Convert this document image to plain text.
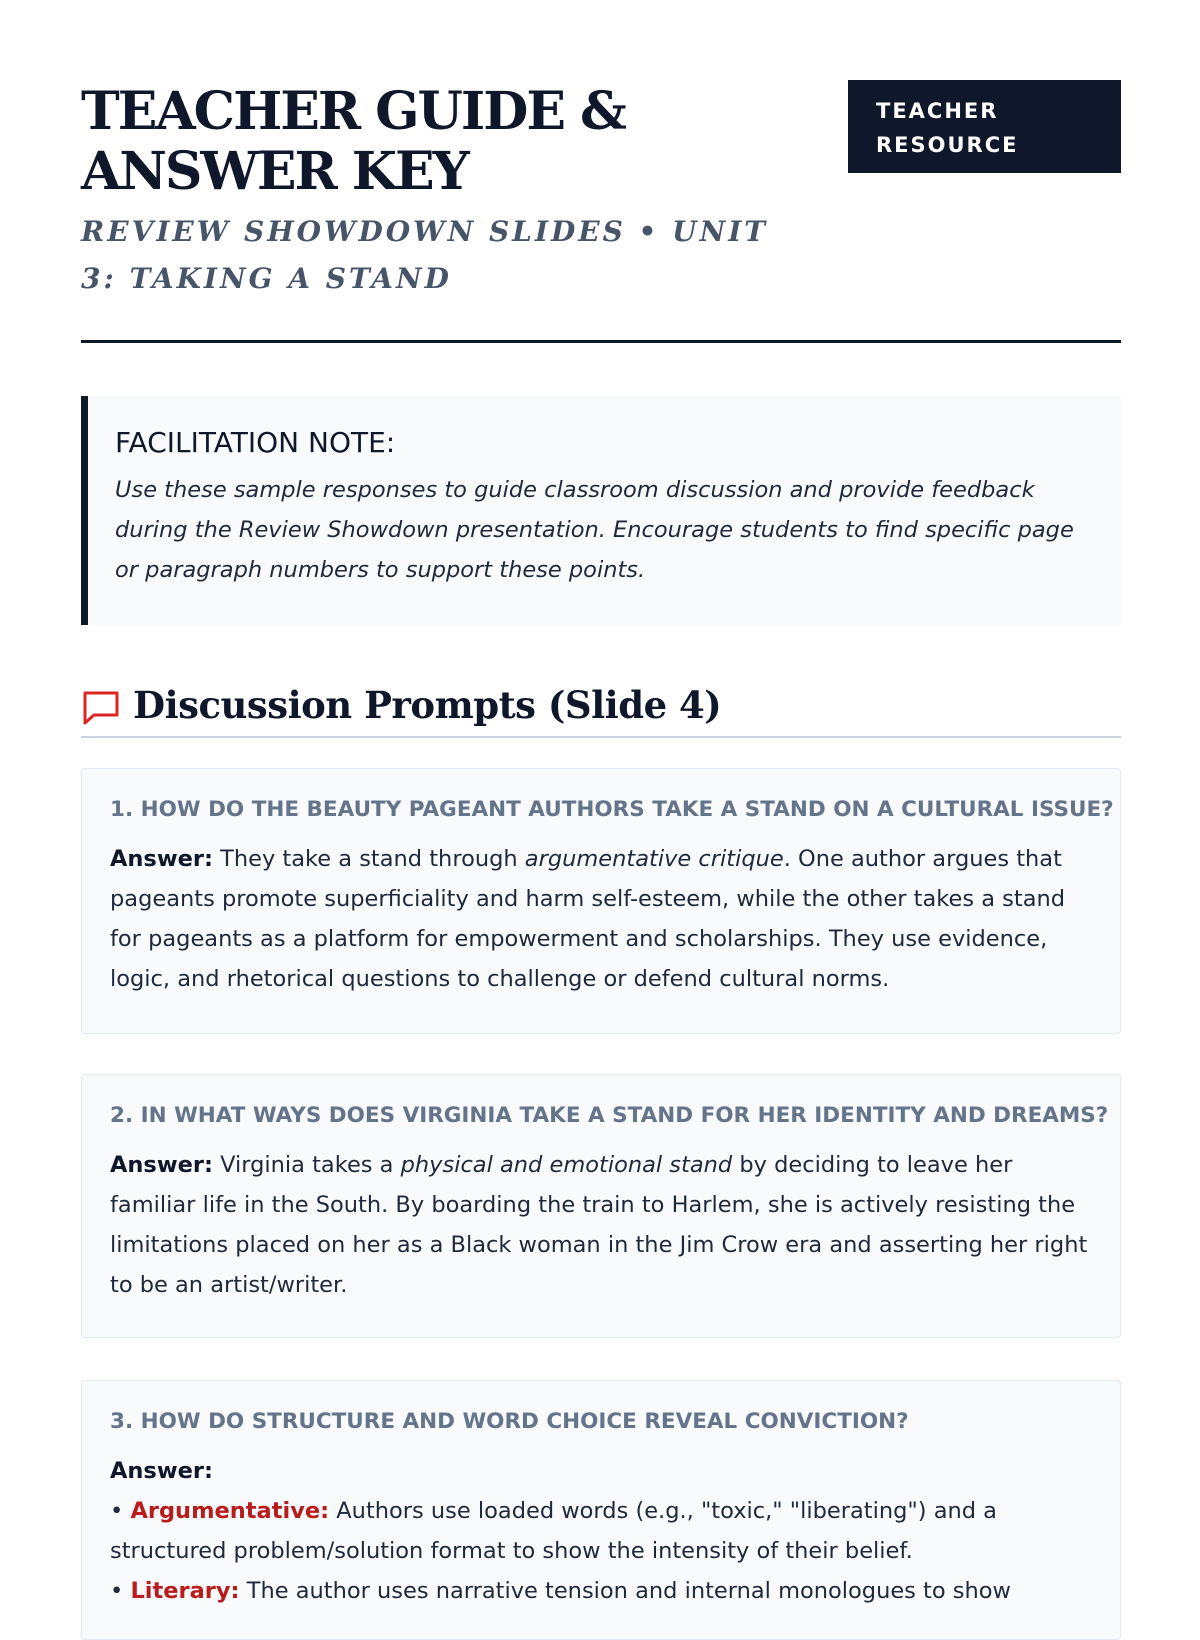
TEACHER GUIDE & ANSWER KEY
REVIEW SHOWDOWN SLIDES • UNIT 3: TAKING A STAND
TEACHER RESOURCE
FACILITATION NOTE:

Use these sample responses to guide classroom discussion and provide feedback during the Review Showdown presentation. Encourage students to find specific page or paragraph numbers to support these points.

Discussion Prompts (Slide 4)
1. HOW DO THE BEAUTY PAGEANT AUTHORS TAKE A STAND ON A CULTURAL ISSUE?

Answer: They take a stand through argumentative critique. One author argues that pageants promote superficiality and harm self-esteem, while the other takes a stand for pageants as a platform for empowerment and scholarships. They use evidence, logic, and rhetorical questions to challenge or defend cultural norms.

2. IN WHAT WAYS DOES VIRGINIA TAKE A STAND FOR HER IDENTITY AND DREAMS?

Answer: Virginia takes a physical and emotional stand by deciding to leave her familiar life in the South. By boarding the train to Harlem, she is actively resisting the limitations placed on her as a Black woman in the Jim Crow era and asserting her right to be an artist/writer.

3. HOW DO STRUCTURE AND WORD CHOICE REVEAL CONVICTION?

Answer:

• Argumentative: Authors use loaded words (e.g., "toxic," "liberating") and a structured problem/solution format to show the intensity of their belief.

• Literary: The author uses narrative tension and internal monologues to show
